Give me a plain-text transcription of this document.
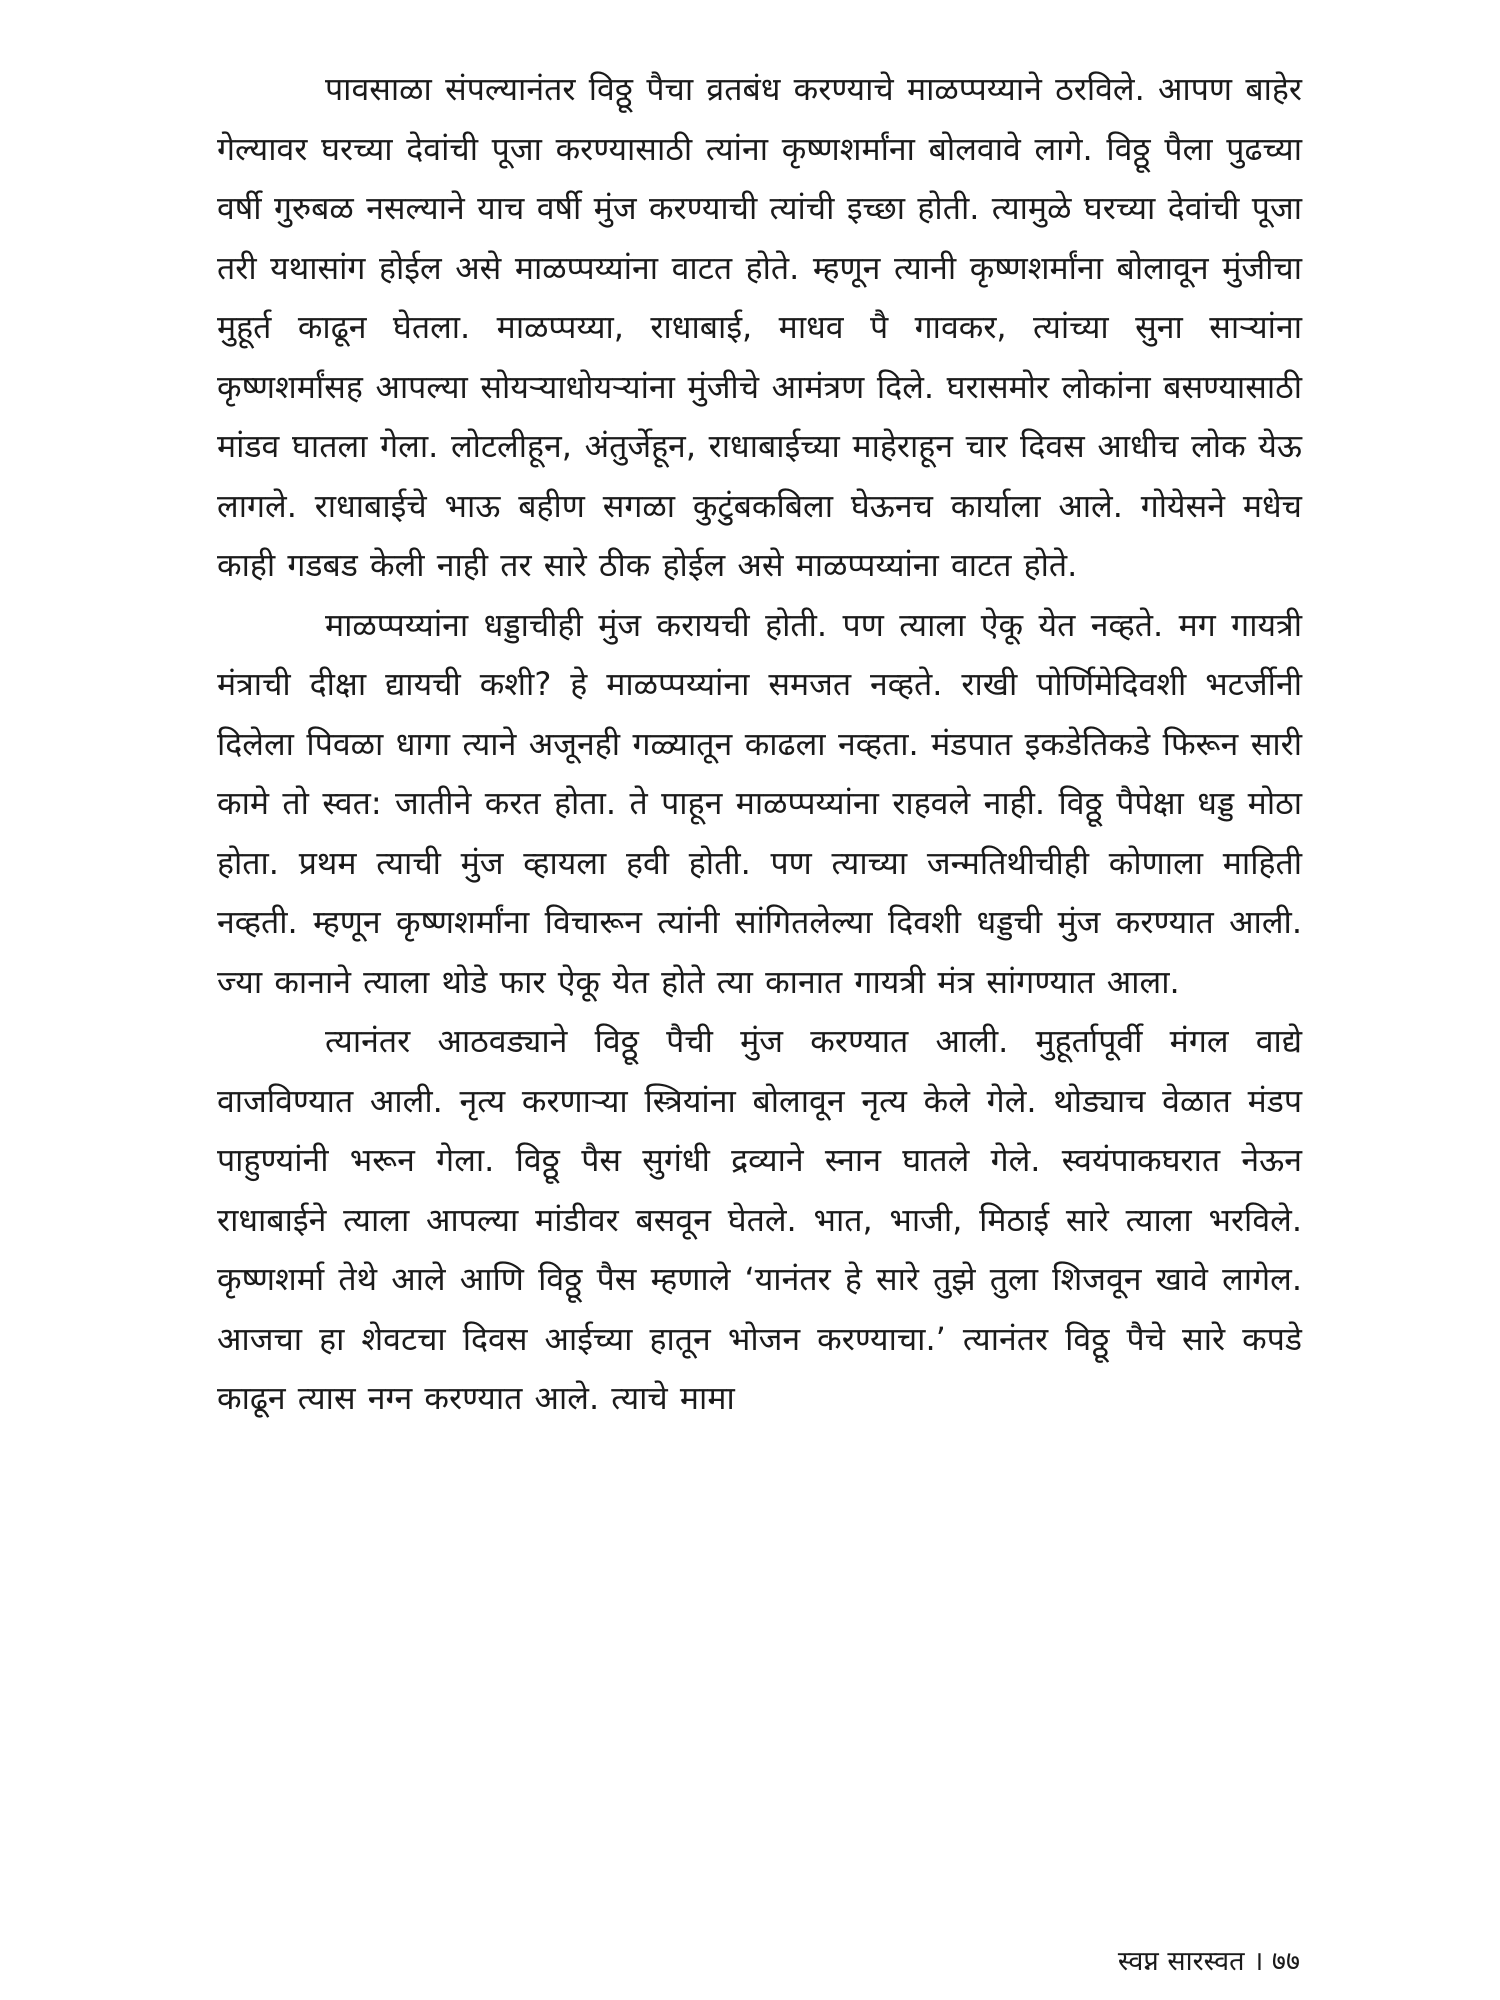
पावसाळा संपल्यानंतर विठ्ठू पैचा व्रतबंध करण्याचे माळप्पय्याने ठरविले. आपण बाहेर गेल्यावर घरच्या देवांची पूजा करण्यासाठी त्यांना कृष्णशर्मांना बोलवावे लागे. विठ्ठू पैला पुढच्या वर्षी गुरुबळ नसल्याने याच वर्षी मुंज करण्याची त्यांची इच्छा होती. त्यामुळे घरच्या देवांची पूजा तरी यथासांग होईल असे माळप्पय्यांना वाटत होते. म्हणून त्यानी कृष्णशर्मांना बोलावून मुंजीचा मुहूर्त काढून घेतला. माळप्पय्या, राधाबाई, माधव पै गावकर, त्यांच्या सुना साऱ्यांना कृष्णशर्मांसह आपल्या सोयऱ्याधोयऱ्यांना मुंजीचे आमंत्रण दिले. घरासमोर लोकांना बसण्यासाठी मांडव घातला गेला. लोटलीहून, अंतुर्जेहून, राधाबाईच्या माहेराहून चार दिवस आधीच लोक येऊ लागले. राधाबाईचे भाऊ बहीण सगळा कुटुंबकबिला घेऊनच कार्याला आले. गोयेसने मधेच काही गडबड केली नाही तर सारे ठीक होईल असे माळप्पय्यांना वाटत होते.

माळप्पय्यांना धड्डाचीही मुंज करायची होती. पण त्याला ऐकू येत नव्हते. मग गायत्री मंत्राची दीक्षा द्यायची कशी? हे माळप्पय्यांना समजत नव्हते. राखी पोर्णिमेदिवशी भटर्जीनी दिलेला पिवळा धागा त्याने अजूनही गळ्यातून काढला नव्हता. मंडपात इकडेतिकडे फिरून सारी कामे तो स्वत: जातीने करत होता. ते पाहून माळप्पय्यांना राहवले नाही. विठ्ठू पैपेक्षा धड्ड मोठा होता. प्रथम त्याची मुंज व्हायला हवी होती. पण त्याच्या जन्मतिथीचीही कोणाला माहिती नव्हती. म्हणून कृष्णशर्मांना विचारून त्यांनी सांगितलेल्या दिवशी धड्डची मुंज करण्यात आली. ज्या कानाने त्याला थोडे फार ऐकू येत होते त्या कानात गायत्री मंत्र सांगण्यात आला.

त्यानंतर आठवड्याने विठ्ठू पैची मुंज करण्यात आली. मुहूर्तापूर्वी मंगल वाद्ये वाजविण्यात आली. नृत्य करणाऱ्या स्त्रियांना बोलावून नृत्य केले गेले. थोड्याच वेळात मंडप पाहुण्यांनी भरून गेला. विठ्ठू पैस सुगंधी द्रव्याने स्नान घातले गेले. स्वयंपाकघरात नेऊन राधाबाईने त्याला आपल्या मांडीवर बसवून घेतले. भात, भाजी, मिठाई सारे त्याला भरविले. कृष्णशर्मा तेथे आले आणि विठ्ठू पैस म्हणाले ‘यानंतर हे सारे तुझे तुला शिजवून खावे लागेल. आजचा हा शेवटचा दिवस आईच्या हातून भोजन करण्याचा.’ त्यानंतर विठ्ठू पैचे सारे कपडे काढून त्यास नग्न करण्यात आले. त्याचे मामा

स्वप्न सारस्वत । ७७
